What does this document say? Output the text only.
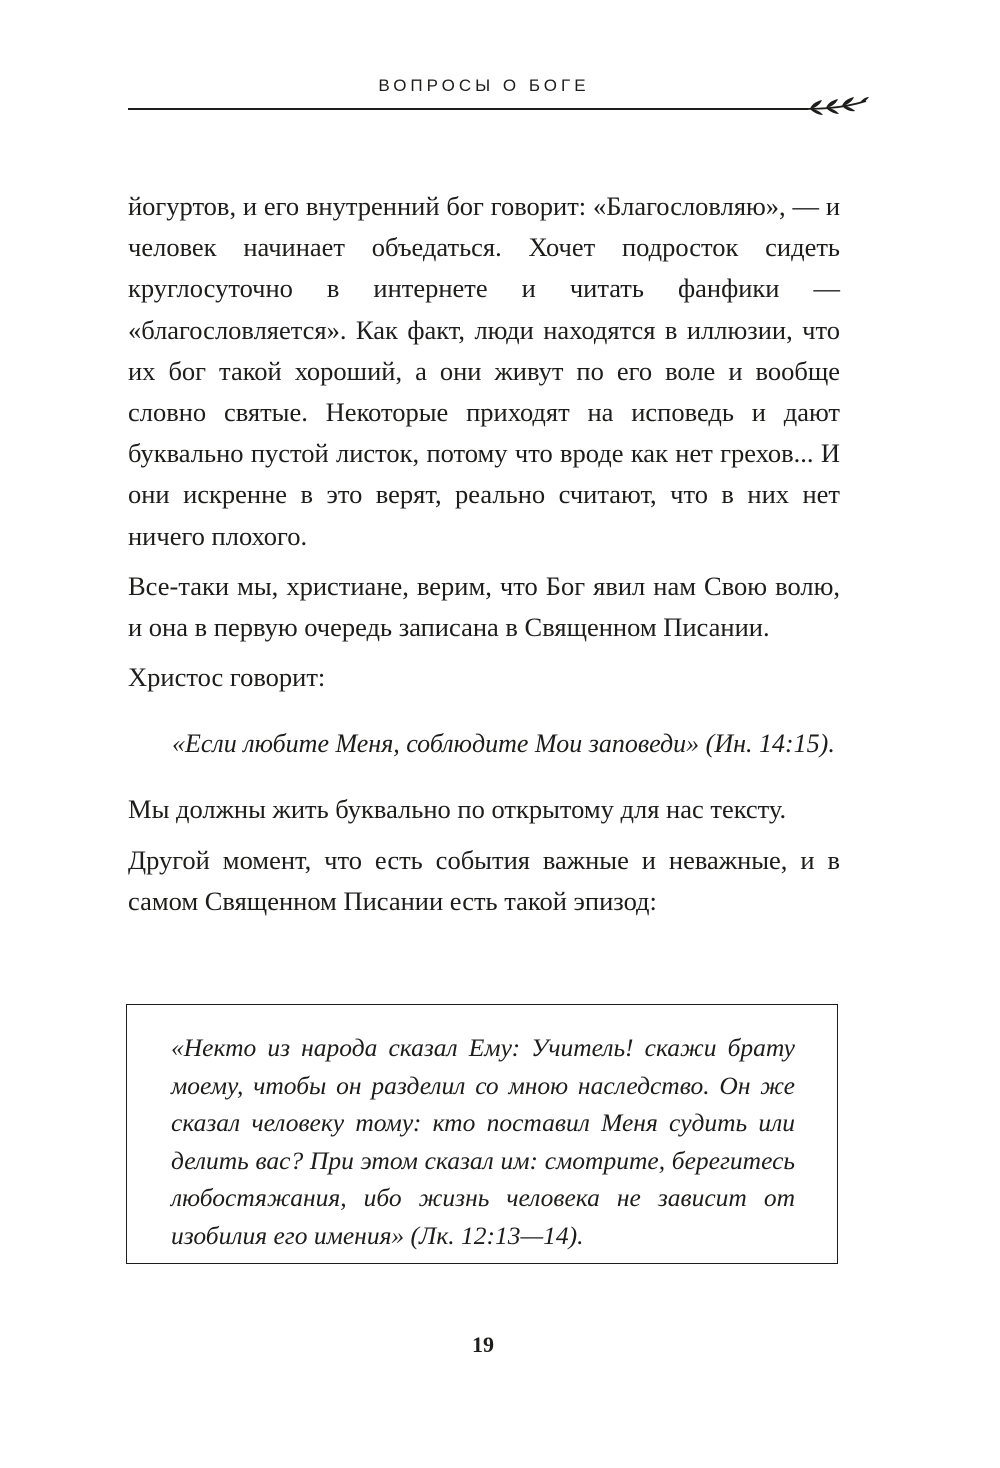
ВОПРОСЫ О БОГЕ

йогуртов, и его внутренний бог говорит: «Благословляю», — и человек начинает объедаться. Хочет подросток сидеть круглосуточно в интернете и читать фанфики — «благословляется». Как факт, люди находятся в иллюзии, что их бог такой хороший, а они живут по его воле и вообще словно святые. Некоторые приходят на исповедь и дают буквально пустой листок, потому что вроде как нет грехов... И они искренне в это верят, реально считают, что в них нет ничего плохого.

Все-таки мы, христиане, верим, что Бог явил нам Свою волю, и она в первую очередь записана в Священном Писании.

Христос говорит:

«Если любите Меня, соблюдите Мои заповеди» (Ин. 14:15).

Мы должны жить буквально по открытому для нас тексту.

Другой момент, что есть события важные и неважные, и в самом Священном Писании есть такой эпизод:

«Некто из народа сказал Ему: Учитель! скажи брату моему, чтобы он разделил со мною наследство. Он же сказал человеку тому: кто поставил Меня судить или делить вас? При этом сказал им: смотрите, берегитесь любостяжания, ибо жизнь человека не зависит от изобилия его имения» (Лк. 12:13—14).

19
